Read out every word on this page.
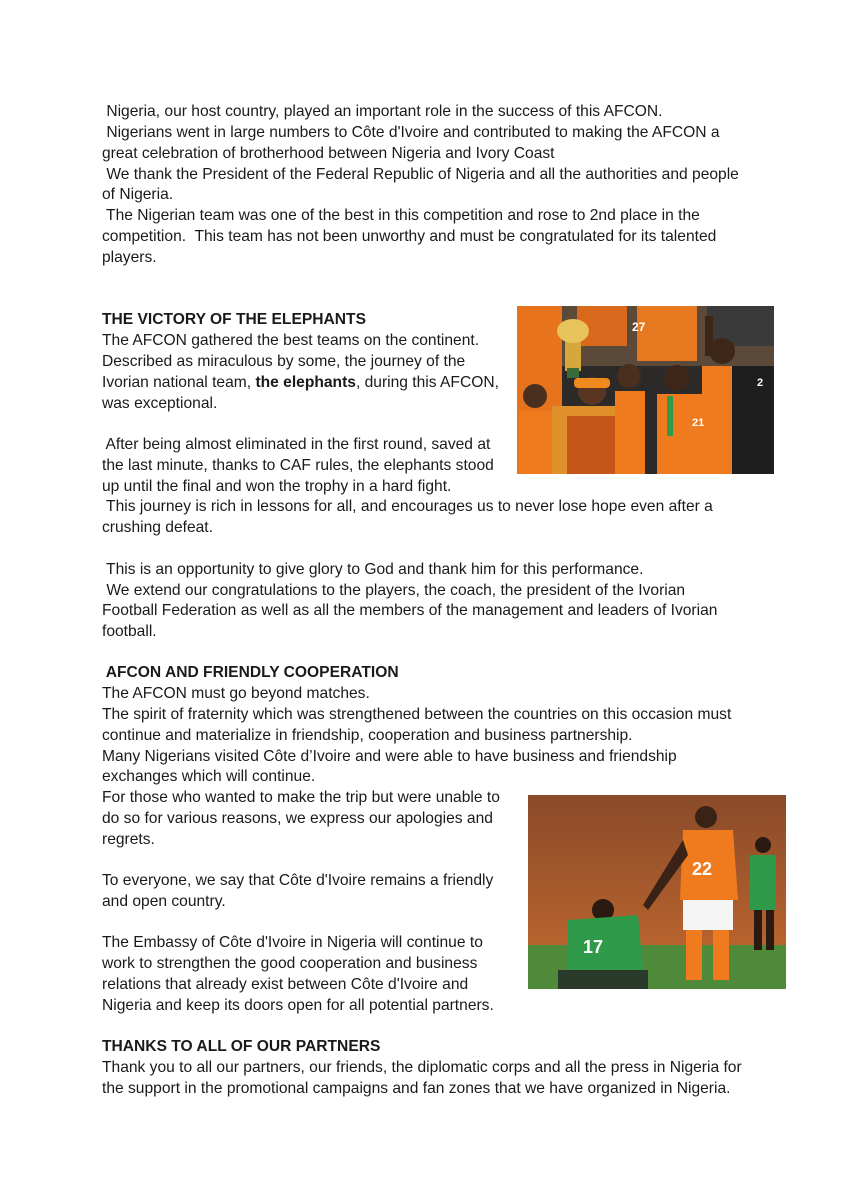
Nigeria, our host country, played an important role in the success of this AFCON.
Nigerians went in large numbers to Côte d'Ivoire and contributed to making the AFCON a
great celebration of brotherhood between Nigeria and Ivory Coast
We thank the President of the Federal Republic of Nigeria and all the authorities and people
of Nigeria.
The Nigerian team was one of the best in this competition and rose to 2nd place in the
competition.  This team has not been unworthy and must be congratulated for its talented
players.
THE VICTORY OF THE ELEPHANTS
The AFCON gathered the best teams on the continent.
Described as miraculous by some, the journey of the
Ivorian national team, the elephants, during this AFCON,
was exceptional.
After being almost eliminated in the first round, saved at
the last minute, thanks to CAF rules, the elephants stood
up until the final and won the trophy in a hard fight.
This journey is rich in lessons for all, and encourages us to never lose hope even after a
crushing defeat.
This is an opportunity to give glory to God and thank him for this performance.
We extend our congratulations to the players, the coach, the president of the Ivorian
Football Federation as well as all the members of the management and leaders of Ivorian
football.
27
21
2
AFCON AND FRIENDLY COOPERATION
The AFCON must go beyond matches.
The spirit of fraternity which was strengthened between the countries on this occasion must
continue and materialize in friendship, cooperation and business partnership.
Many Nigerians visited Côte d’Ivoire and were able to have business and friendship
exchanges which will continue.
For those who wanted to make the trip but were unable to
do so for various reasons, we express our apologies and
regrets.
To everyone, we say that Côte d'Ivoire remains a friendly
and open country.
The Embassy of Côte d'Ivoire in Nigeria will continue to
work to strengthen the good cooperation and business
relations that already exist between Côte d'Ivoire and
Nigeria and keep its doors open for all potential partners.
17
22
THANKS TO ALL OF OUR PARTNERS
Thank you to all our partners, our friends, the diplomatic corps and all the press in Nigeria for
the support in the promotional campaigns and fan zones that we have organized in Nigeria.
